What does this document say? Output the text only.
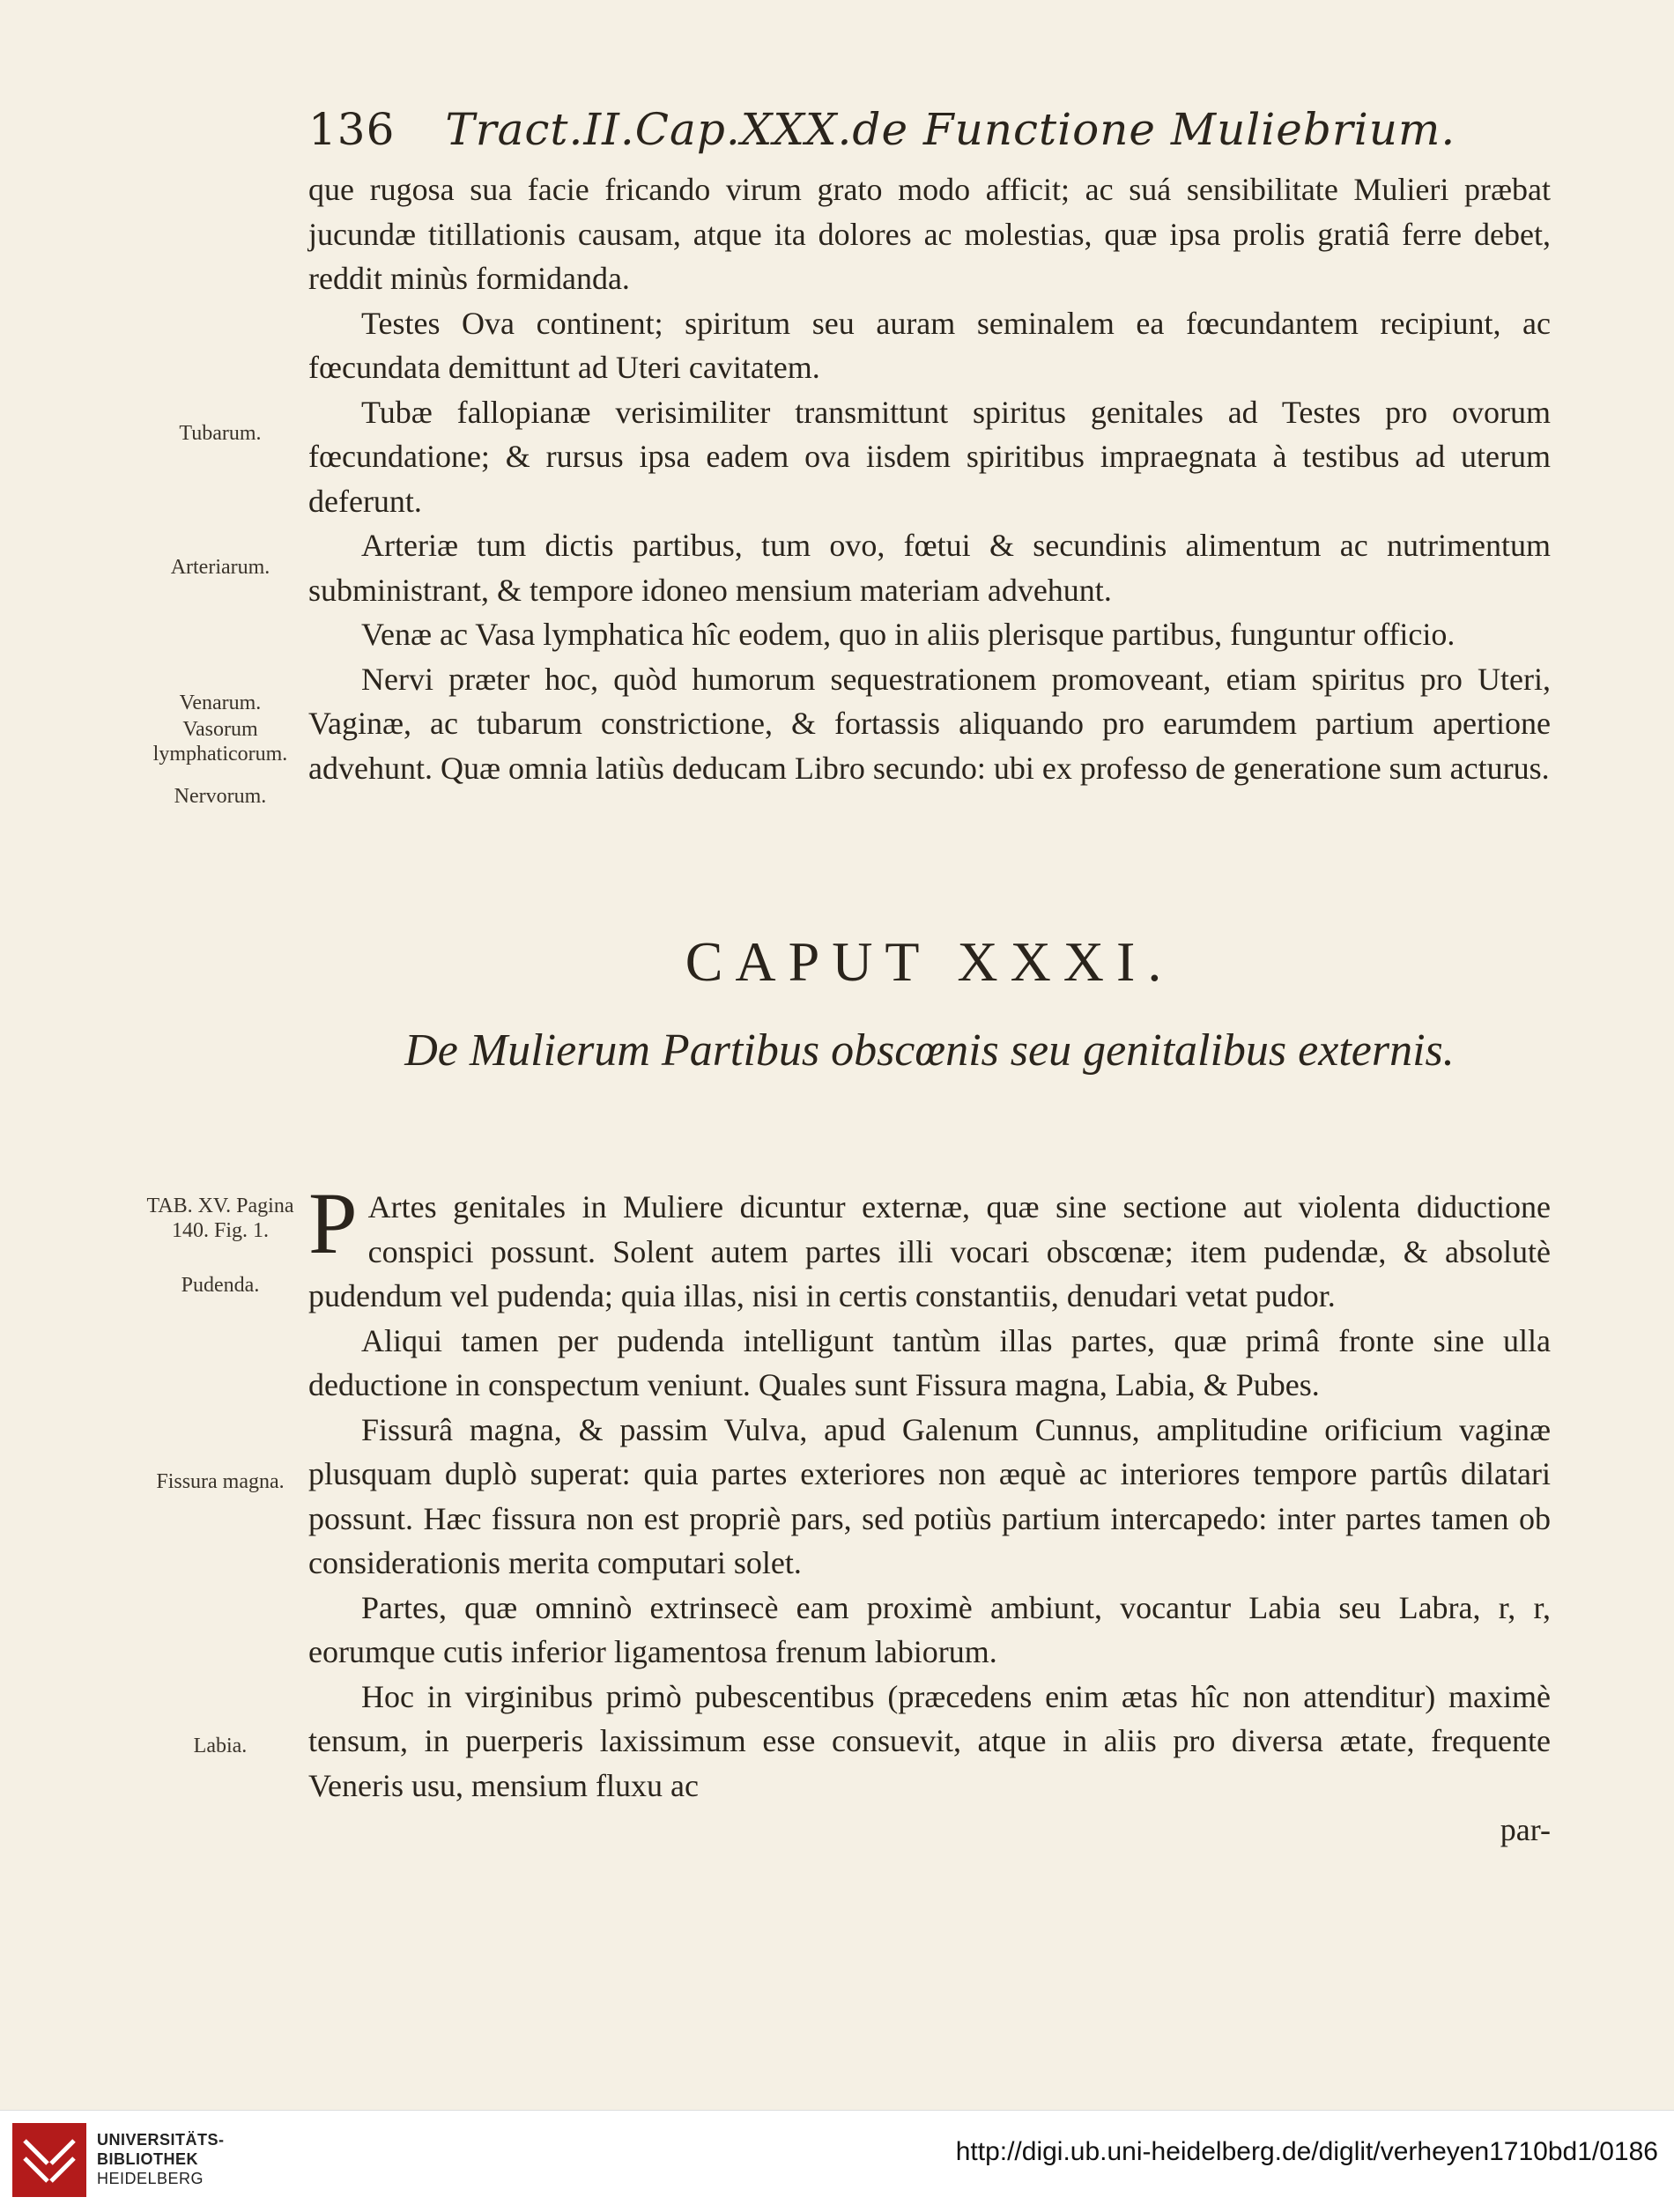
136 Tract.II.Cap.XXX.de Functione Muliebrium.
Tubarum.
Arteriarum.
Venarum.
Vasorum lymphaticorum.
Nervorum.

que rugosa sua facie fricando virum grato modo afficit; ac suá sensibilitate Mulieri præbat jucundæ titillationis causam, atque ita dolores ac molestias, quæ ipsa prolis gratiâ ferre debet, reddit minùs formidanda.

Testes Ova continent; spiritum seu auram seminalem ea fœcundantem recipiunt, ac fœcundata demittunt ad Uteri cavitatem.

Tubæ fallopianæ verisimiliter transmittunt spiritus genitales ad Testes pro ovorum fœcundatione; & rursus ipsa eadem ova iisdem spiritibus impraegnata à testibus ad uterum deferunt.

Arteriæ tum dictis partibus, tum ovo, fœtui & secundinis alimentum ac nutrimentum subministrant, & tempore idoneo mensium materiam advehunt.

Venæ ac Vasa lymphatica hîc eodem, quo in aliis plerisque partibus, funguntur officio.

Nervi præter hoc, quòd humorum sequestrationem promoveant, etiam spiritus pro Uteri, Vaginæ, ac tubarum constrictione, & fortassis aliquando pro earumdem partium apertione advehunt. Quæ omnia latiùs deducam Libro secundo: ubi ex professo de generatione sum acturus.

CAPUT XXXI.
De Mulierum Partibus obscœnis seu genitalibus externis.
TAB. XV. Pagina 140. Fig. 1.
Pudenda.
Fissura magna.
Labia.

P Artes genitales in Muliere dicuntur externæ, quæ sine sectione aut violenta diductione conspici possunt. Solent autem partes illi vocari obscœnæ; item pudendæ, & absolutè pudendum vel pudenda; quia illas, nisi in certis constantiis, denudari vetat pudor.

Aliqui tamen per pudenda intelligunt tantùm illas partes, quæ primâ fronte sine ulla deductione in conspectum veniunt. Quales sunt Fissura magna, Labia, & Pubes.

Fissurâ magna, & passim Vulva, apud Galenum Cunnus, amplitudine orificium vaginæ plusquam duplò superat: quia partes exteriores non æquè ac interiores tempore partûs dilatari possunt. Hæc fissura non est propriè pars, sed potiùs partium intercapedo: inter partes tamen ob considerationis merita computari solet.

Partes, quæ omninò extrinsecè eam proximè ambiunt, vocantur Labia seu Labra, r, r, eorumque cutis inferior ligamentosa frenum labiorum.

Hoc in virginibus primò pubescentibus (præcedens enim ætas hîc non attenditur) maximè tensum, in puerperis laxissimum esse consuevit, atque in aliis pro diversa ætate, frequente Veneris usu, mensium fluxu ac

par-

UNIVERSITÄTS-
BIBLIOTHEK
HEIDELBERG
http://digi.ub.uni-heidelberg.de/diglit/verheyen1710bd1/0186
